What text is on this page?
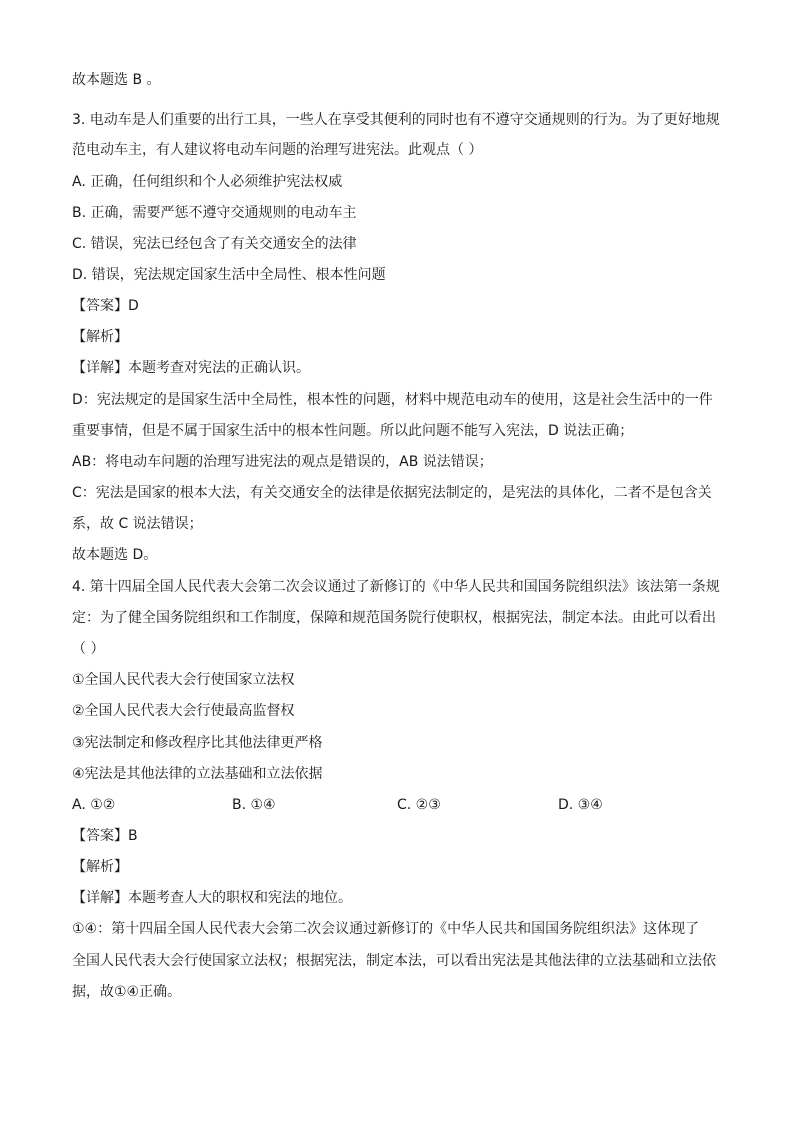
故本题选 B 。
3. 电动车是人们重要的出行工具，一些人在享受其便利的同时也有不遵守交通规则的行为。为了更好地规
范电动车主，有人建议将电动车问题的治理写进宪法。此观点（ ）
A. 正确，任何组织和个人必须维护宪法权威
B. 正确，需要严惩不遵守交通规则的电动车主
C. 错误，宪法已经包含了有关交通安全的法律
D. 错误，宪法规定国家生活中全局性、根本性问题
【答案】D
【解析】
【详解】本题考查对宪法的正确认识。
D：宪法规定的是国家生活中全局性，根本性的问题，材料中规范电动车的使用，这是社会生活中的一件
重要事情，但是不属于国家生活中的根本性问题。所以此问题不能写入宪法，D 说法正确；
AB：将电动车问题的治理写进宪法的观点是错误的，AB 说法错误；
C：宪法是国家的根本大法，有关交通安全的法律是依据宪法制定的，是宪法的具体化，二者不是包含关
系，故 C 说法错误；
故本题选 D。
4. 第十四届全国人民代表大会第二次会议通过了新修订的《中华人民共和国国务院组织法》该法第一条规
定：为了健全国务院组织和工作制度，保障和规范国务院行使职权，根据宪法，制定本法。由此可以看出
（ ）
①全国人民代表大会行使国家立法权
②全国人民代表大会行使最高监督权
③宪法制定和修改程序比其他法律更严格
④宪法是其他法律的立法基础和立法依据
A. ①②	B. ①④	C. ②③	D. ③④
【答案】B
【解析】
【详解】本题考查人大的职权和宪法的地位。
①④：第十四届全国人民代表大会第二次会议通过新修订的《中华人民共和国国务院组织法》这体现了
全国人民代表大会行使国家立法权；根据宪法，制定本法，可以看出宪法是其他法律的立法基础和立法依
据，故①④正确。
